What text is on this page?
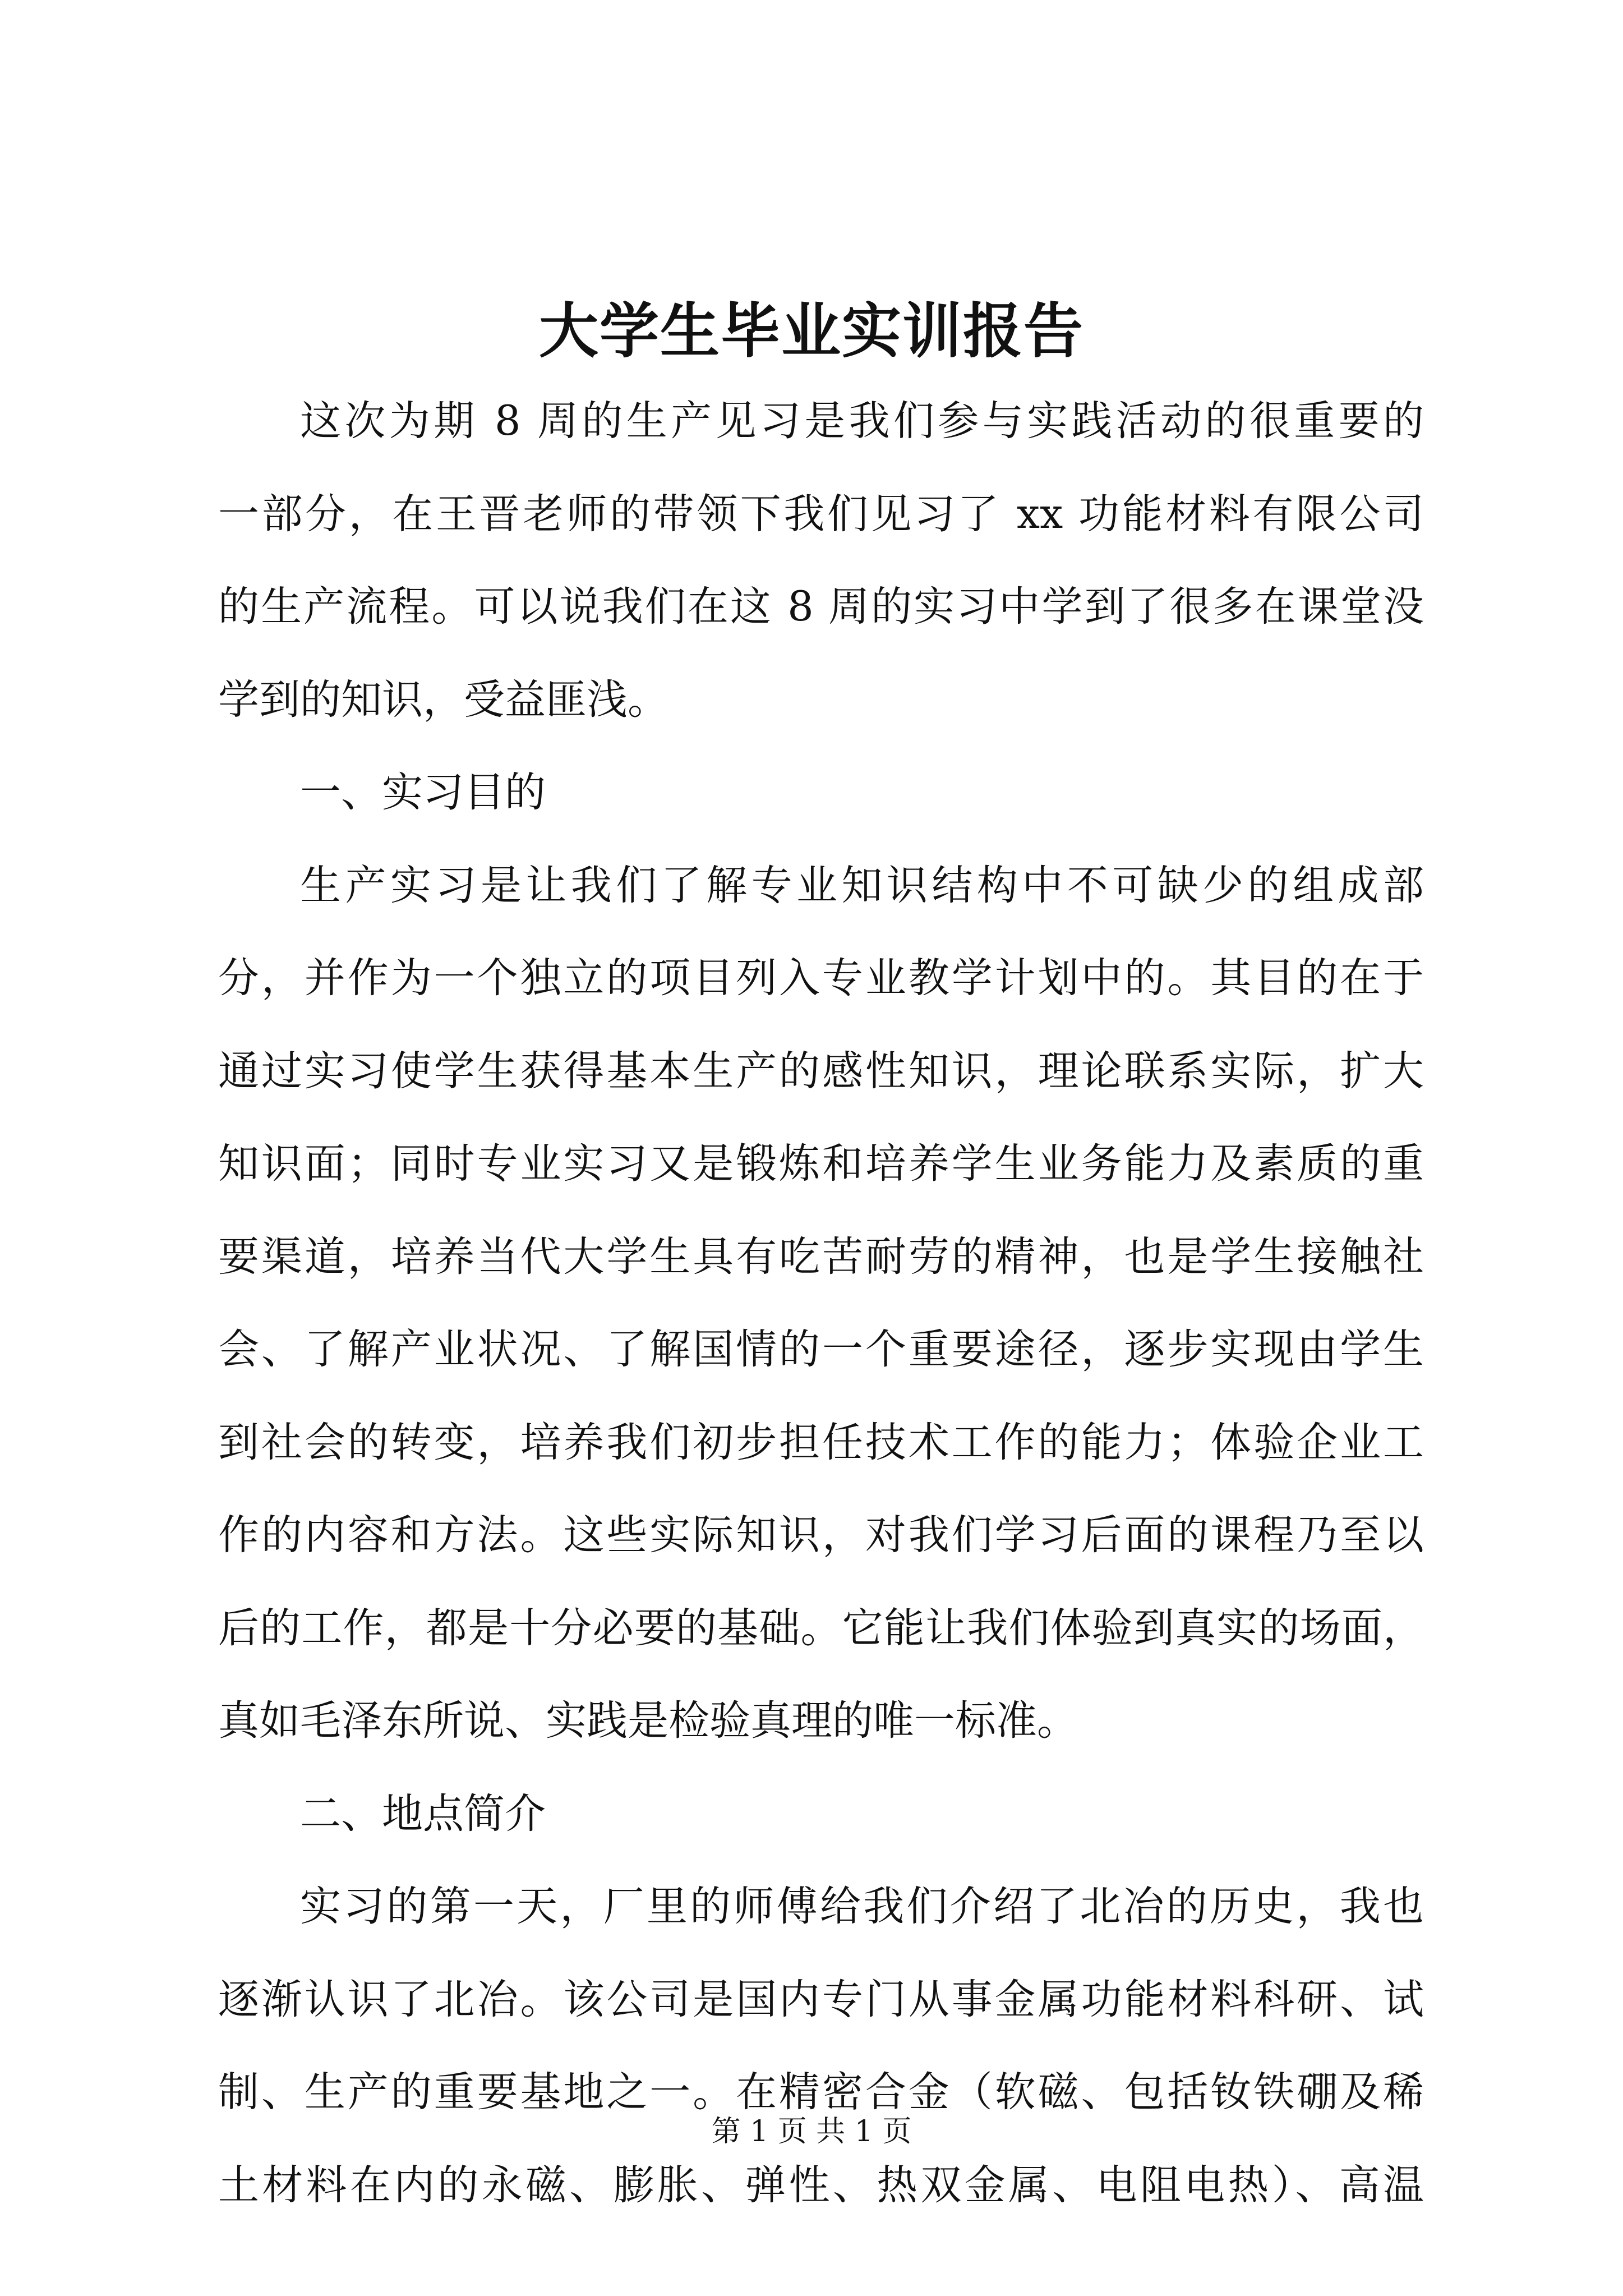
大学生毕业实训报告
这次为期 8 周的生产见习是我们参与实践活动的很重要的
一部分，在王晋老师的带领下我们见习了 xx 功能材料有限公司
的生产流程。可以说我们在这 8 周的实习中学到了很多在课堂没
学到的知识，受益匪浅。
一、实习目的
生产实习是让我们了解专业知识结构中不可缺少的组成部
分，并作为一个独立的项目列入专业教学计划中的。其目的在于
通过实习使学生获得基本生产的感性知识，理论联系实际，扩大
知识面；同时专业实习又是锻炼和培养学生业务能力及素质的重
要渠道，培养当代大学生具有吃苦耐劳的精神，也是学生接触社
会、了解产业状况、了解国情的一个重要途径，逐步实现由学生
到社会的转变，培养我们初步担任技术工作的能力；体验企业工
作的内容和方法。这些实际知识，对我们学习后面的课程乃至以
后的工作，都是十分必要的基础。它能让我们体验到真实的场面，
真如毛泽东所说、实践是检验真理的唯一标准。
二、地点简介
实习的第一天，厂里的师傅给我们介绍了北冶的历史，我也
逐渐认识了北冶。该公司是国内专门从事金属功能材料科研、试
制、生产的重要基地之一。在精密合金（软磁、包括钕铁硼及稀
土材料在内的永磁、膨胀、弹性、热双金属、电阻电热）、高温
第 1 页 共 1 页
